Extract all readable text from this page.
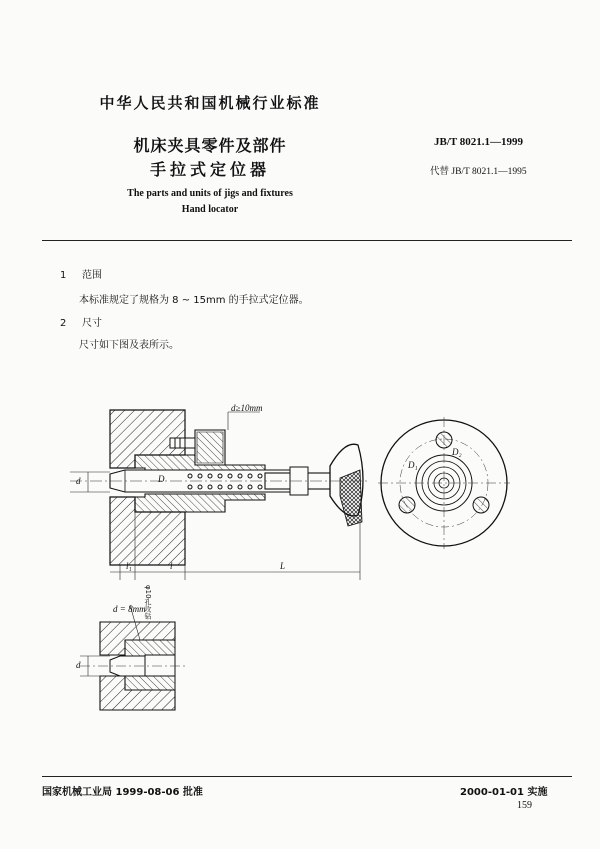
中华人民共和国机械行业标准
机床夹具零件及部件
手拉式定位器
JB/T 8021.1—1999
代替 JB/T 8021.1—1995
The parts and units of jigs and fixtures
Hand locator
1 范围
本标准规定了规格为 8 ~ 15mm 的手拉式定位器。
2 尺寸
尺寸如下图及表所示。
d≥10mm
d = 8mm
φ10孔攻钻
d
d
D
D₁
D₂
l₁	l	L
国家机械工业局 1999-08-06 批准	2000-01-01 实施
159
